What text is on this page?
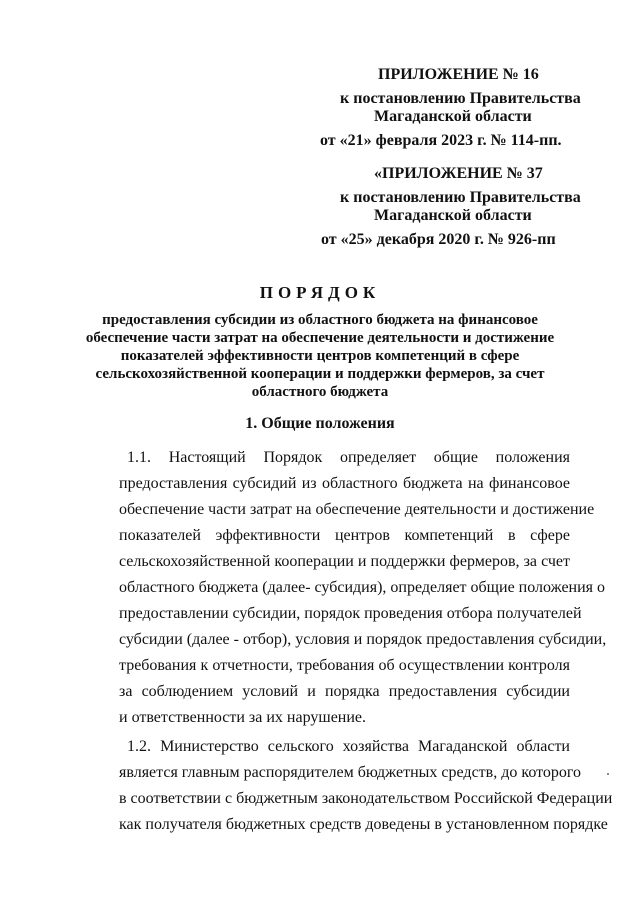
ПРИЛОЖЕНИЕ № 16
к постановлению Правительства
Магаданской области
от «21» февраля 2023 г. № 114-пп.
«ПРИЛОЖЕНИЕ № 37
к постановлению Правительства
Магаданской области
от «25» декабря 2020 г. № 926-пп
ПОРЯДОК
предоставления субсидии из областного бюджета на финансовое
обеспечение части затрат на обеспечение деятельности и достижение
показателей эффективности центров компетенций в сфере
сельскохозяйственной кооперации и поддержки фермеров, за счет
областного бюджета
1. Общие положения
1.1. Настоящий Порядок определяет общие положения
предоставления субсидий из областного бюджета на финансовое
обеспечение части затрат на обеспечение деятельности и достижение
показателей эффективности центров компетенций в сфере
сельскохозяйственной кооперации и поддержки фермеров, за счет
областного бюджета (далее- субсидия), определяет общие положения о
предоставлении субсидии, порядок проведения отбора получателей
субсидии (далее - отбор), условия и порядок предоставления субсидии,
требования к отчетности, требования об осуществлении контроля
за соблюдением условий и порядка предоставления субсидии
и ответственности за их нарушение.
1.2. Министерство сельского хозяйства Магаданской области
является главным распорядителем бюджетных средств, до которого
в соответствии с бюджетным законодательством Российской Федерации
как получателя бюджетных средств доведены в установленном порядке
